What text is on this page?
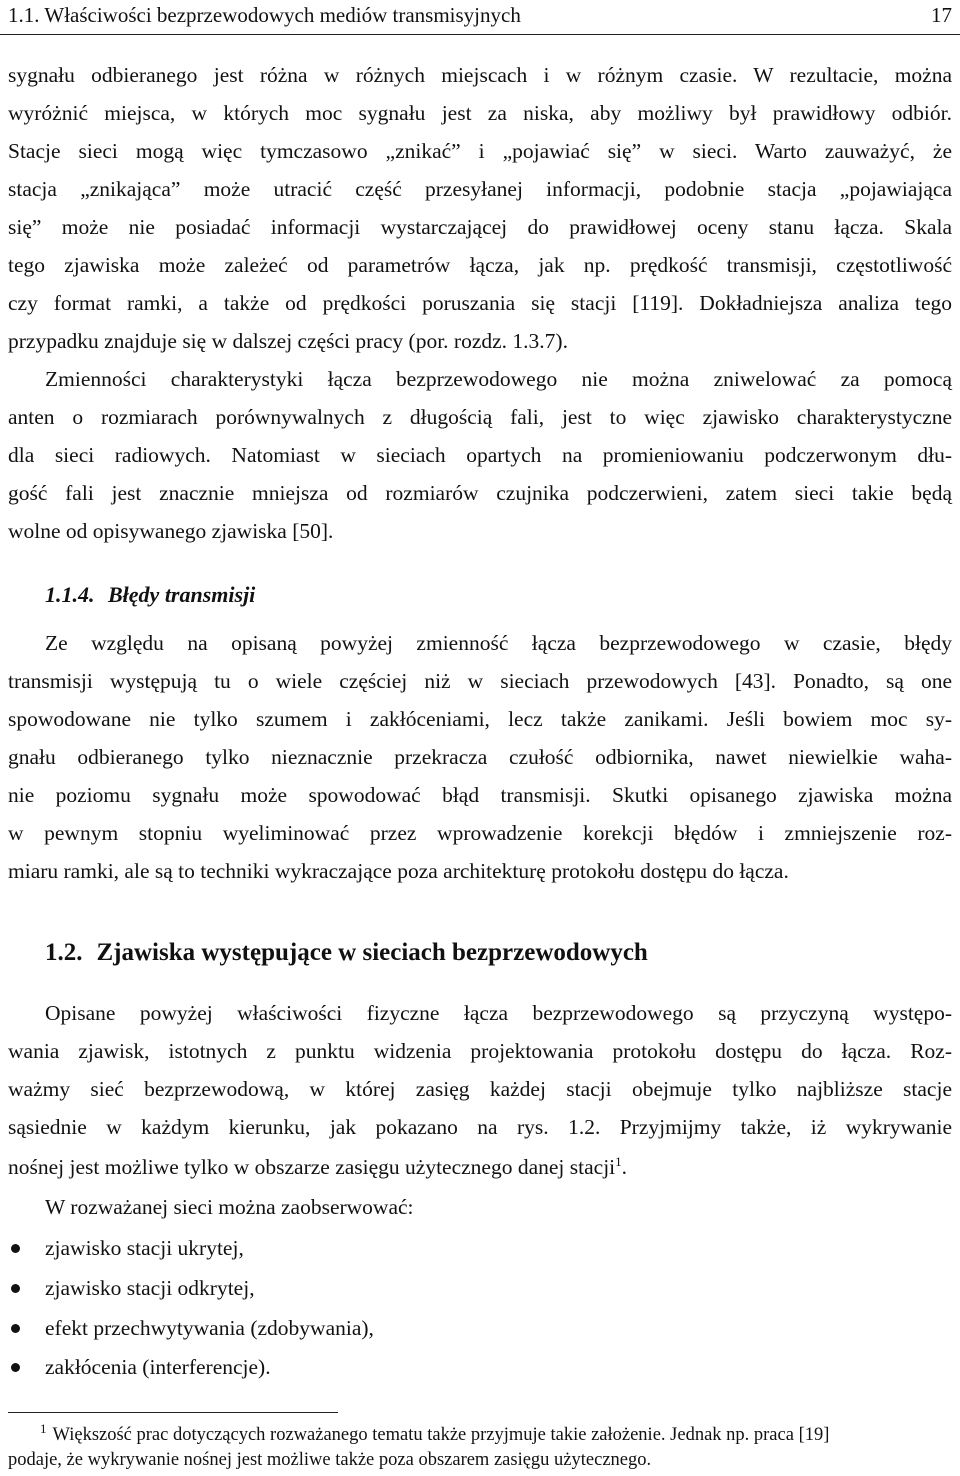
1.1. Właściwości bezprzewodowych mediów transmisyjnych	17
sygnału odbieranego jest różna w różnych miejscach i w różnym czasie. W rezultacie, można
wyróżnić miejsca, w których moc sygnału jest za niska, aby możliwy był prawidłowy odbiór.
Stacje sieci mogą więc tymczasowo „znikać” i „pojawiać się” w sieci. Warto zauważyć, że
stacja „znikająca” może utracić część przesyłanej informacji, podobnie stacja „pojawiająca
się” może nie posiadać informacji wystarczającej do prawidłowej oceny stanu łącza. Skala
tego zjawiska może zależeć od parametrów łącza, jak np. prędkość transmisji, częstotliwość
czy format ramki, a także od prędkości poruszania się stacji [119]. Dokładniejsza analiza tego
przypadku znajduje się w dalszej części pracy (por. rozdz. 1.3.7).
Zmienności charakterystyki łącza bezprzewodowego nie można zniwelować za pomocą
anten o rozmiarach porównywalnych z długością fali, jest to więc zjawisko charakterystyczne
dla sieci radiowych. Natomiast w sieciach opartych na promieniowaniu podczerwonym dłu-
gość fali jest znacznie mniejsza od rozmiarów czujnika podczerwieni, zatem sieci takie będą
wolne od opisywanego zjawiska [50].
1.1.4. Błędy transmisji
Ze względu na opisaną powyżej zmienność łącza bezprzewodowego w czasie, błędy
transmisji występują tu o wiele częściej niż w sieciach przewodowych [43]. Ponadto, są one
spowodowane nie tylko szumem i zakłóceniami, lecz także zanikami. Jeśli bowiem moc sy-
gnału odbieranego tylko nieznacznie przekracza czułość odbiornika, nawet niewielkie waha-
nie poziomu sygnału może spowodować błąd transmisji. Skutki opisanego zjawiska można
w pewnym stopniu wyeliminować przez wprowadzenie korekcji błędów i zmniejszenie roz-
miaru ramki, ale są to techniki wykraczające poza architekturę protokołu dostępu do łącza.
1.2. Zjawiska występujące w sieciach bezprzewodowych
Opisane powyżej właściwości fizyczne łącza bezprzewodowego są przyczyną występo-
wania zjawisk, istotnych z punktu widzenia projektowania protokołu dostępu do łącza. Roz-
ważmy sieć bezprzewodową, w której zasięg każdej stacji obejmuje tylko najbliższe stacje
sąsiednie w każdym kierunku, jak pokazano na rys. 1.2. Przyjmijmy także, iż wykrywanie
nośnej jest możliwe tylko w obszarze zasięgu użytecznego danej stacji$^1$.
W rozważanej sieci można zaobserwować:
zjawisko stacji ukrytej,
zjawisko stacji odkrytej,
efekt przechwytywania (zdobywania),
zakłócenia (interferencje).
$^1$ Większość prac dotyczących rozważanego tematu także przyjmuje takie założenie. Jednak np. praca [19]
podaje, że wykrywanie nośnej jest możliwe także poza obszarem zasięgu użytecznego.
